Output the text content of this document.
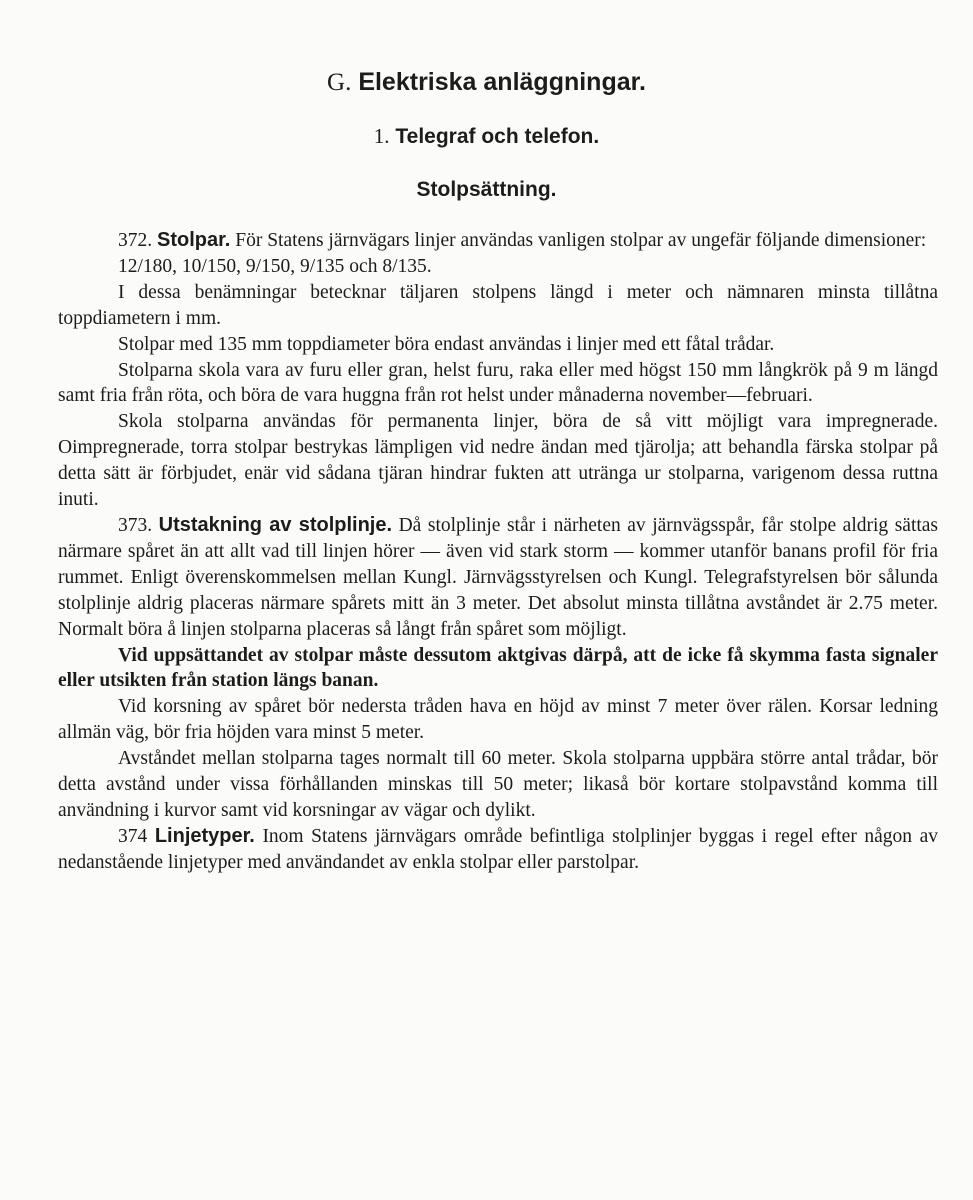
G. Elektriska anläggningar.
1. Telegraf och telefon.
Stolpsättning.

372. Stolpar. För Statens järnvägars linjer användas vanligen stolpar av ungefär följande dimensioner:

12/180, 10/150, 9/150, 9/135 och 8/135.

I dessa benämningar betecknar täljaren stolpens längd i meter och nämnaren minsta tillåtna toppdiametern i mm.

Stolpar med 135 mm toppdiameter böra endast användas i linjer med ett fåtal trådar.

Stolparna skola vara av furu eller gran, helst furu, raka eller med högst 150 mm långkrök på 9 m längd samt fria från röta, och böra de vara huggna från rot helst under månaderna november—februari.

Skola stolparna användas för permanenta linjer, böra de så vitt möjligt vara impregnerade. Oimpregnerade, torra stolpar bestrykas lämpligen vid nedre ändan med tjärolja; att behandla färska stolpar på detta sätt är förbjudet, enär vid sådana tjäran hindrar fukten att utränga ur stolparna, varigenom dessa ruttna inuti.

373. Utstakning av stolplinje. Då stolplinje står i närheten av järnvägsspår, får stolpe aldrig sättas närmare spåret än att allt vad till linjen hörer — även vid stark storm — kommer utanför banans profil för fria rummet. Enligt överenskommelsen mellan Kungl. Järnvägsstyrelsen och Kungl. Telegrafstyrelsen bör sålunda stolplinje aldrig placeras närmare spårets mitt än 3 meter. Det absolut minsta tillåtna avståndet är 2.75 meter. Normalt böra å linjen stolparna placeras så långt från spåret som möjligt.

Vid uppsättandet av stolpar måste dessutom aktgivas därpå, att de icke få skymma fasta signaler eller utsikten från station längs banan.

Vid korsning av spåret bör nedersta tråden hava en höjd av minst 7 meter över rälen. Korsar ledning allmän väg, bör fria höjden vara minst 5 meter.

Avståndet mellan stolparna tages normalt till 60 meter. Skola stolparna uppbära större antal trådar, bör detta avstånd under vissa förhållanden minskas till 50 meter; likaså bör kortare stolpavstånd komma till användning i kurvor samt vid korsningar av vägar och dylikt.

374 Linjetyper. Inom Statens järnvägars område befintliga stolplinjer byggas i regel efter någon av nedanstående linjetyper med användandet av enkla stolpar eller parstolpar.
